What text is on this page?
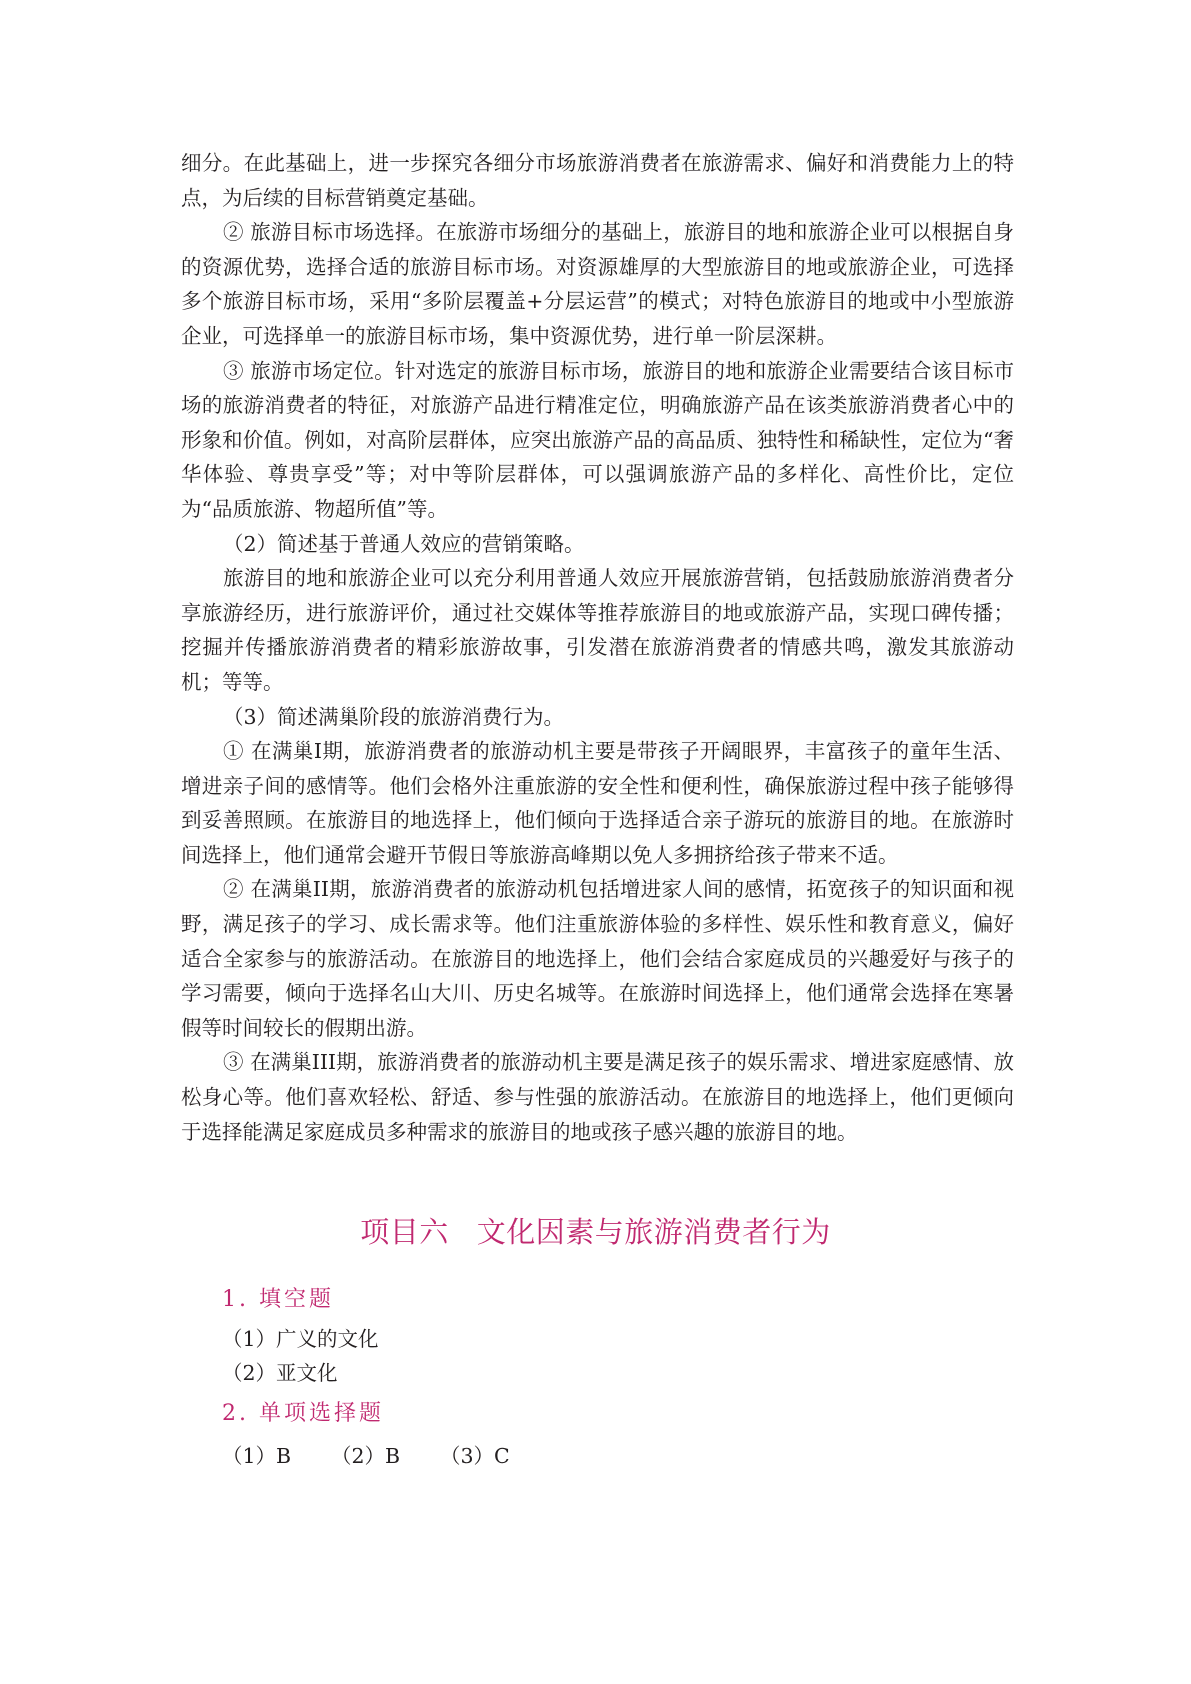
细分。在此基础上，进一步探究各细分市场旅游消费者在旅游需求、偏好和消费能力上的特点，为后续的目标营销奠定基础。

② 旅游目标市场选择。在旅游市场细分的基础上，旅游目的地和旅游企业可以根据自身的资源优势，选择合适的旅游目标市场。对资源雄厚的大型旅游目的地或旅游企业，可选择多个旅游目标市场，采用“多阶层覆盖+分层运营”的模式；对特色旅游目的地或中小型旅游企业，可选择单一的旅游目标市场，集中资源优势，进行单一阶层深耕。

③ 旅游市场定位。针对选定的旅游目标市场，旅游目的地和旅游企业需要结合该目标市场的旅游消费者的特征，对旅游产品进行精准定位，明确旅游产品在该类旅游消费者心中的形象和价值。例如，对高阶层群体，应突出旅游产品的高品质、独特性和稀缺性，定位为“奢华体验、尊贵享受”等；对中等阶层群体，可以强调旅游产品的多样化、高性价比，定位为“品质旅游、物超所值”等。

（2）简述基于普通人效应的营销策略。

旅游目的地和旅游企业可以充分利用普通人效应开展旅游营销，包括鼓励旅游消费者分享旅游经历，进行旅游评价，通过社交媒体等推荐旅游目的地或旅游产品，实现口碑传播；挖掘并传播旅游消费者的精彩旅游故事，引发潜在旅游消费者的情感共鸣，激发其旅游动机；等等。

（3）简述满巢阶段的旅游消费行为。

① 在满巢I期，旅游消费者的旅游动机主要是带孩子开阔眼界，丰富孩子的童年生活、增进亲子间的感情等。他们会格外注重旅游的安全性和便利性，确保旅游过程中孩子能够得到妥善照顾。在旅游目的地选择上，他们倾向于选择适合亲子游玩的旅游目的地。在旅游时间选择上，他们通常会避开节假日等旅游高峰期以免人多拥挤给孩子带来不适。

② 在满巢II期，旅游消费者的旅游动机包括增进家人间的感情，拓宽孩子的知识面和视野，满足孩子的学习、成长需求等。他们注重旅游体验的多样性、娱乐性和教育意义，偏好适合全家参与的旅游活动。在旅游目的地选择上，他们会结合家庭成员的兴趣爱好与孩子的学习需要，倾向于选择名山大川、历史名城等。在旅游时间选择上，他们通常会选择在寒暑假等时间较长的假期出游。

③ 在满巢III期，旅游消费者的旅游动机主要是满足孩子的娱乐需求、增进家庭感情、放松身心等。他们喜欢轻松、舒适、参与性强的旅游活动。在旅游目的地选择上，他们更倾向于选择能满足家庭成员多种需求的旅游目的地或孩子感兴趣的旅游目的地。

项目六 文化因素与旅游消费者行为
1. 填空题
（1）广义的文化
（2）亚文化
2. 单项选择题
（1）B	（2）B	（3）C
